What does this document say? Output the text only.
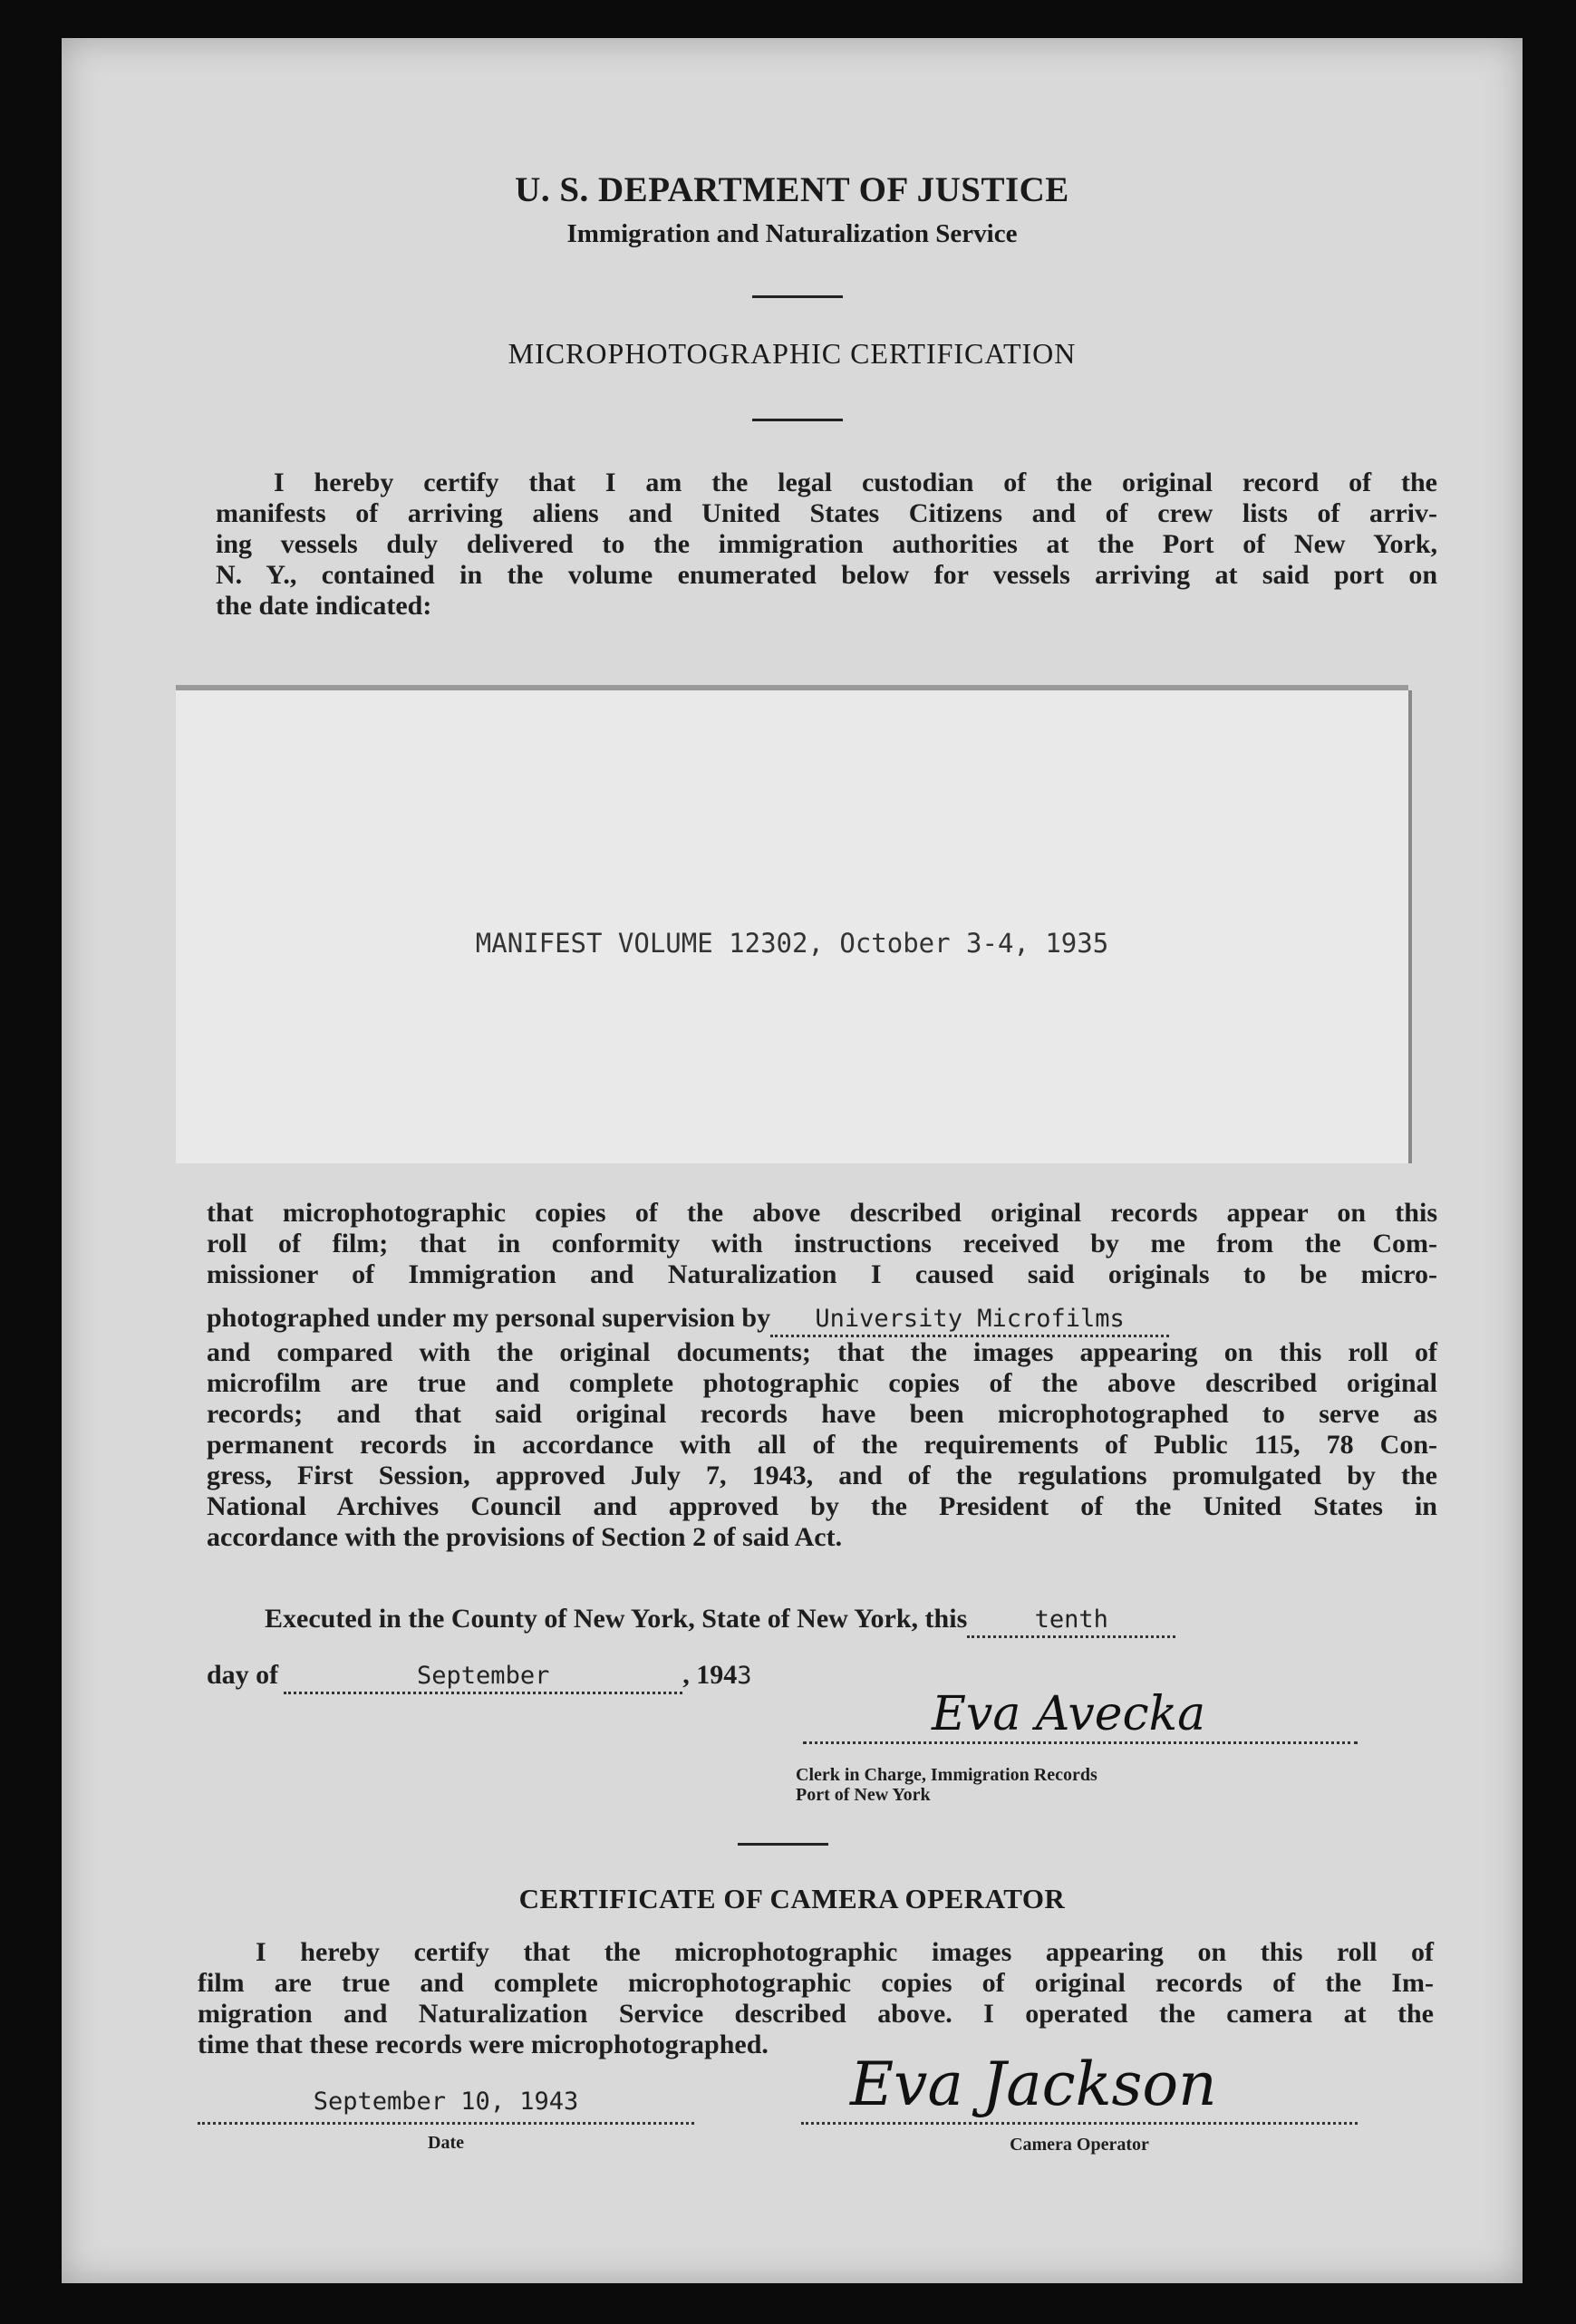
U. S. DEPARTMENT OF JUSTICE
Immigration and Naturalization Service
MICROPHOTOGRAPHIC CERTIFICATION

I hereby certify that I am the legal custodian of the original record of the

manifests of arriving aliens and United States Citizens and of crew lists of arriv-

ing vessels duly delivered to the immigration authorities at the Port of New York,

N. Y., contained in the volume enumerated below for vessels arriving at said port on

the date indicated:

MANIFEST VOLUME 12302, October 3-4, 1935

that microphotographic copies of the above described original records appear on this

roll of film; that in conformity with instructions received by me from the Com-

missioner of Immigration and Naturalization I caused said originals to be micro-

photographed under my personal supervision by University Microfilms

and compared with the original documents; that the images appearing on this roll of

microfilm are true and complete photographic copies of the above described original

records; and that said original records have been microphotographed to serve as

permanent records in accordance with all of the requirements of Public 115, 78 Con-

gress, First Session, approved July 7, 1943, and of the regulations promulgated by the

National Archives Council and approved by the President of the United States in

accordance with the provisions of Section 2 of said Act.

Executed in the County of New York, State of New York, this	tenth
day of	September	, 1943
Eva Avecka
Clerk in Charge, Immigration Records
Port of New York
CERTIFICATE OF CAMERA OPERATOR

I hereby certify that the microphotographic images appearing on this roll of

film are true and complete microphotographic copies of original records of the Im-

migration and Naturalization Service described above. I operated the camera at the

time that these records were microphotographed.

September 10, 1943
Date
Eva Jackson
Camera Operator
